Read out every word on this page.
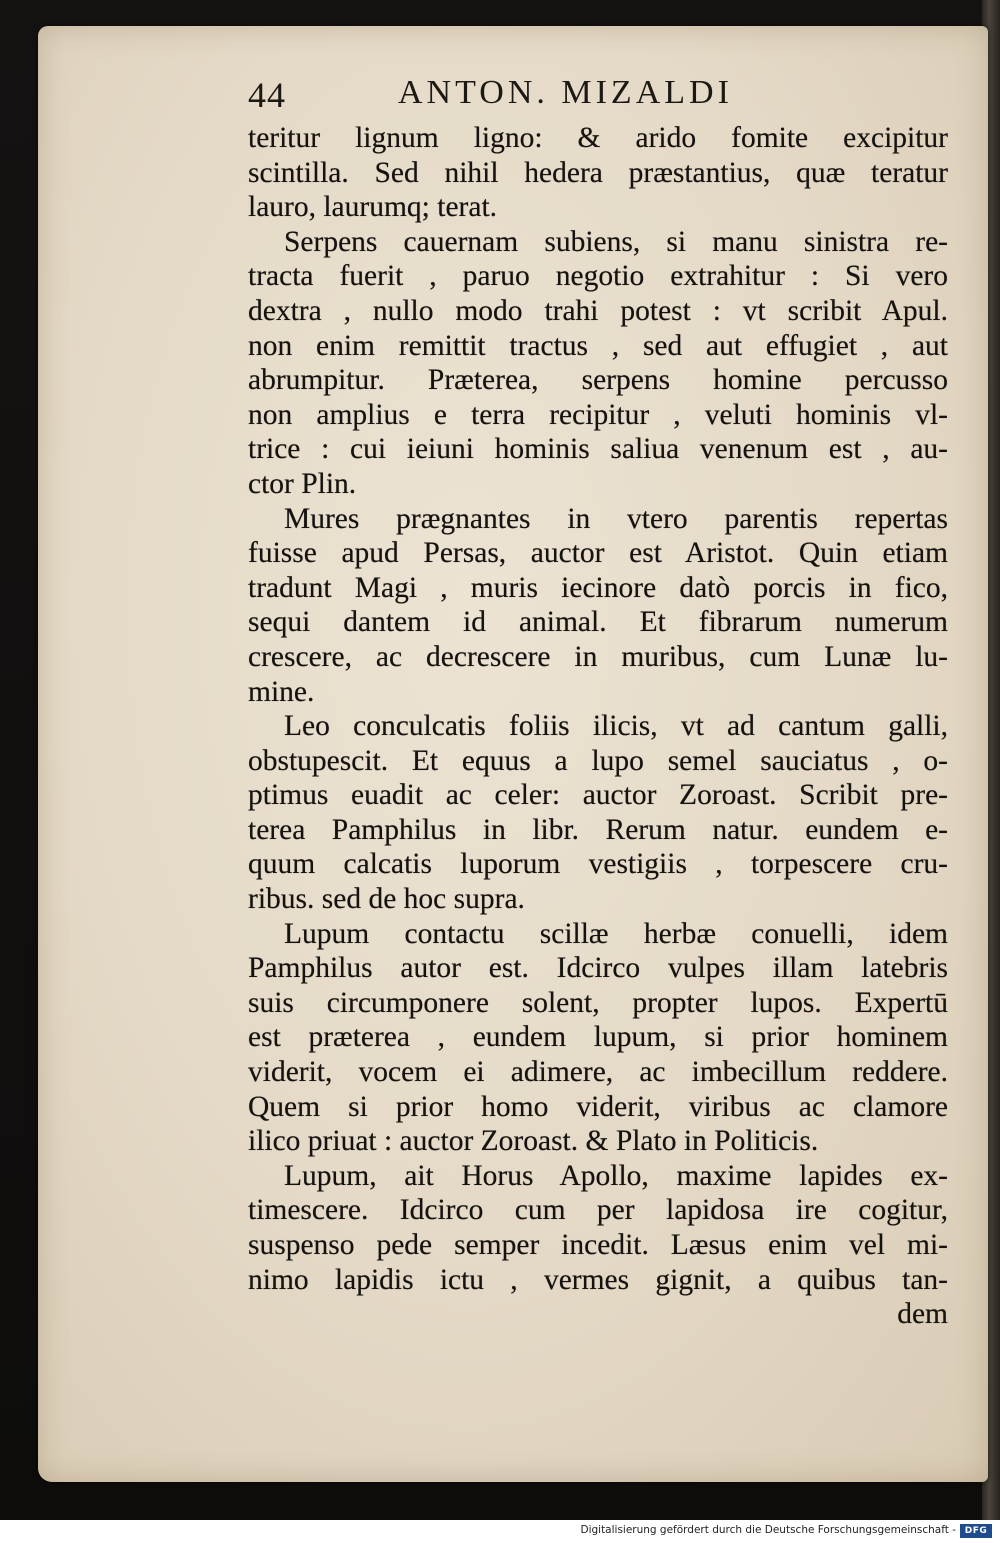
44	ANTON. MIZALDI
teritur lignum ligno: & arido fomite excipitur
scintilla. Sed nihil hedera præstantius, quæ teratur
lauro, laurumq; terat.
Serpens cauernam subiens, si manu sinistra re-
tracta fuerit , paruo negotio extrahitur : Si vero
dextra , nullo modo trahi potest : vt scribit Apul.
non enim remittit tractus , sed aut effugiet , aut
abrumpitur. Præterea, serpens homine percusso
non amplius e terra recipitur , veluti hominis vl-
trice : cui ieiuni hominis saliua venenum est , au-
ctor Plin.
Mures prægnantes in vtero parentis repertas
fuisse apud Persas, auctor est Aristot. Quin etiam
tradunt Magi , muris iecinore datò porcis in fico,
sequi dantem id animal. Et fibrarum numerum
crescere, ac decrescere in muribus, cum Lunæ lu-
mine.
Leo conculcatis foliis ilicis, vt ad cantum galli,
obstupescit. Et equus a lupo semel sauciatus , o-
ptimus euadit ac celer: auctor Zoroast. Scribit pre-
terea Pamphilus in libr. Rerum natur. eundem e-
quum calcatis luporum vestigiis , torpescere cru-
ribus. sed de hoc supra.
Lupum contactu scillæ herbæ conuelli, idem
Pamphilus autor est. Idcirco vulpes illam latebris
suis circumponere solent, propter lupos. Expertū
est præterea , eundem lupum, si prior hominem
viderit, vocem ei adimere, ac imbecillum reddere.
Quem si prior homo viderit, viribus ac clamore
ilico priuat : auctor Zoroast. & Plato in Politicis.
Lupum, ait Horus Apollo, maxime lapides ex-
timescere. Idcirco cum per lapidosa ire cogitur,
suspenso pede semper incedit. Læsus enim vel mi-
nimo lapidis ictu , vermes gignit, a quibus tan-
dem
Digitalisierung gefördert durch die Deutsche Forschungsgemeinschaft - DFG
